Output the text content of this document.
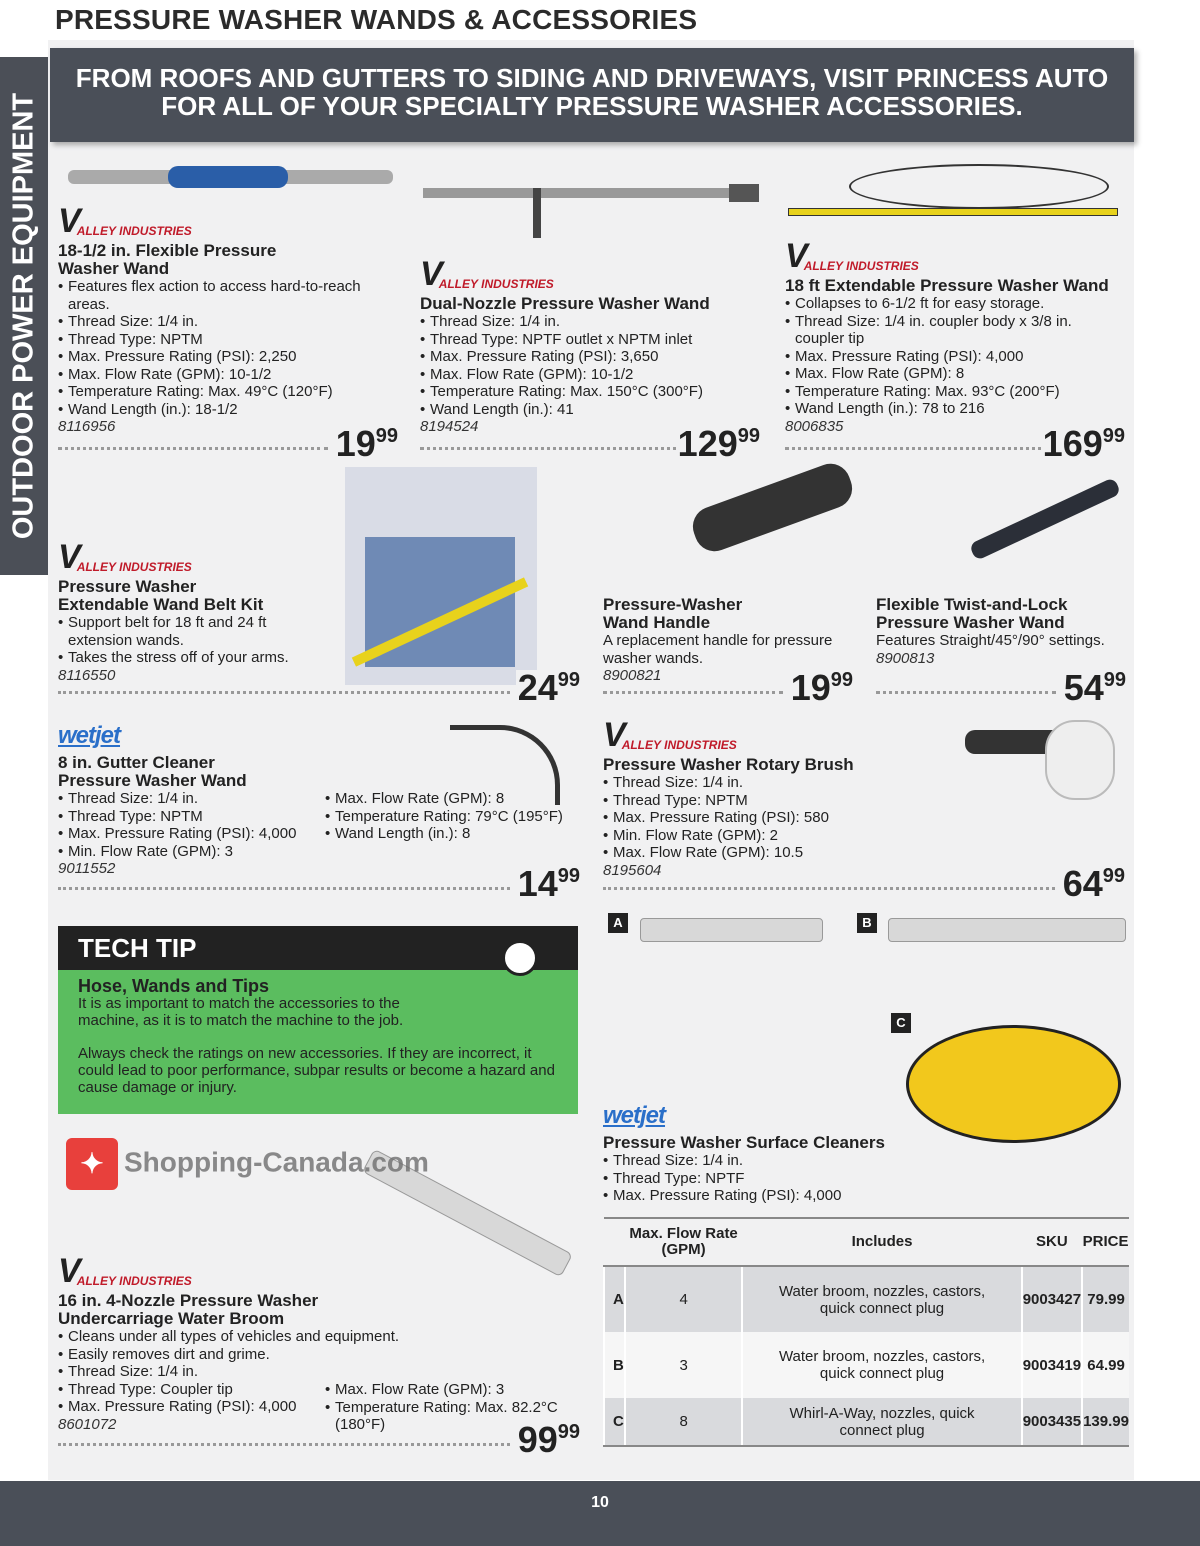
PRESSURE WASHER WANDS & ACCESSORIES
OUTDOOR POWER EQUIPMENT
FROM ROOFS AND GUTTERS TO SIDING AND DRIVEWAYS, VISIT PRINCESS AUTO
FOR ALL OF YOUR SPECIALTY PRESSURE WASHER ACCESSORIES.
A	B
C
TECH TIP
Hose, Wands and Tips
It is as important to match the accessories to the machine, as it is to match the machine to the job.
Always check the ratings on new accessories. If they are incorrect, it could lead to poor performance, subpar results or become a hazard and cause damage or injury.
	Max. Flow Rate (GPM)	Includes	SKU	PRICE
A	4	Water broom, nozzles, castors, quick connect plug	9003427	79.99
B	3	Water broom, nozzles, castors, quick connect plug	9003419	64.99
C	8	Whirl-A-Way, nozzles, quick connect plug	9003435	139.99
✦ Shopping-Canada.com
10
V
ALLEY INDUSTRIES
18-1/2 in. Flexible Pressure
Washer Wand
• Features flex action to access hard-to-reach areas.
• Thread Size: 1/4 in.
• Thread Type: NPTM
• Max. Pressure Rating (PSI): 2,250
• Max. Flow Rate (GPM): 10-1/2
• Temperature Rating: Max. 49°C (120°F)
• Wand Length (in.): 18-1/2
8116956	$19^{99}$
V
ALLEY INDUSTRIES
Dual-Nozzle Pressure Washer Wand
• Thread Size: 1/4 in.
• Thread Type: NPTF outlet x NPTM inlet
• Max. Pressure Rating (PSI): 3,650
• Max. Flow Rate (GPM): 10-1/2
• Temperature Rating: Max. 150°C (300°F)
• Wand Length (in.): 41
8194524	$129^{99}$
V
ALLEY INDUSTRIES
18 ft Extendable Pressure Washer Wand
• Collapses to 6-1/2 ft for easy storage.
• Thread Size: 1/4 in. coupler body x 3/8 in. coupler tip
• Max. Pressure Rating (PSI): 4,000
• Max. Flow Rate (GPM): 8
• Temperature Rating: Max. 93°C (200°F)
• Wand Length (in.): 78 to 216
8006835	$169^{99}$
V
ALLEY INDUSTRIES
Pressure Washer
Extendable Wand Belt Kit
• Support belt for 18 ft and 24 ft extension wands.
• Takes the stress off of your arms.
8116550	$24^{99}$
Pressure-Washer
Wand Handle
A replacement handle for pressure washer wands.
8900821	$19^{99}$
Flexible Twist-and-Lock
Pressure Washer Wand
Features Straight/45°/90° settings.
8900813
$54^{99}$
wetjet
8 in. Gutter Cleaner
Pressure Washer Wand
• Thread Size: 1/4 in.
• Thread Type: NPTM
• Max. Pressure Rating (PSI): 4,000
• Min. Flow Rate (GPM): 3
9011552
• Max. Flow Rate (GPM): 8
• Temperature Rating: 79°C (195°F)
• Wand Length (in.): 8
$14^{99}$
V
ALLEY INDUSTRIES
Pressure Washer Rotary Brush
• Thread Size: 1/4 in.
• Thread Type: NPTM
• Max. Pressure Rating (PSI): 580
• Min. Flow Rate (GPM): 2
• Max. Flow Rate (GPM): 10.5
8195604	$64^{99}$
V
ALLEY INDUSTRIES
16 in. 4-Nozzle Pressure Washer
Undercarriage Water Broom
• Cleans under all types of vehicles and equipment.
• Easily removes dirt and grime.
• Thread Size: 1/4 in.
• Thread Type: Coupler tip
• Max. Pressure Rating (PSI): 4,000
8601072
• Max. Flow Rate (GPM): 3
• Temperature Rating: Max. 82.2°C (180°F)	$99^{99}$
wetjet
Pressure Washer Surface Cleaners
• Thread Size: 1/4 in.
• Thread Type: NPTF
• Max. Pressure Rating (PSI): 4,000
